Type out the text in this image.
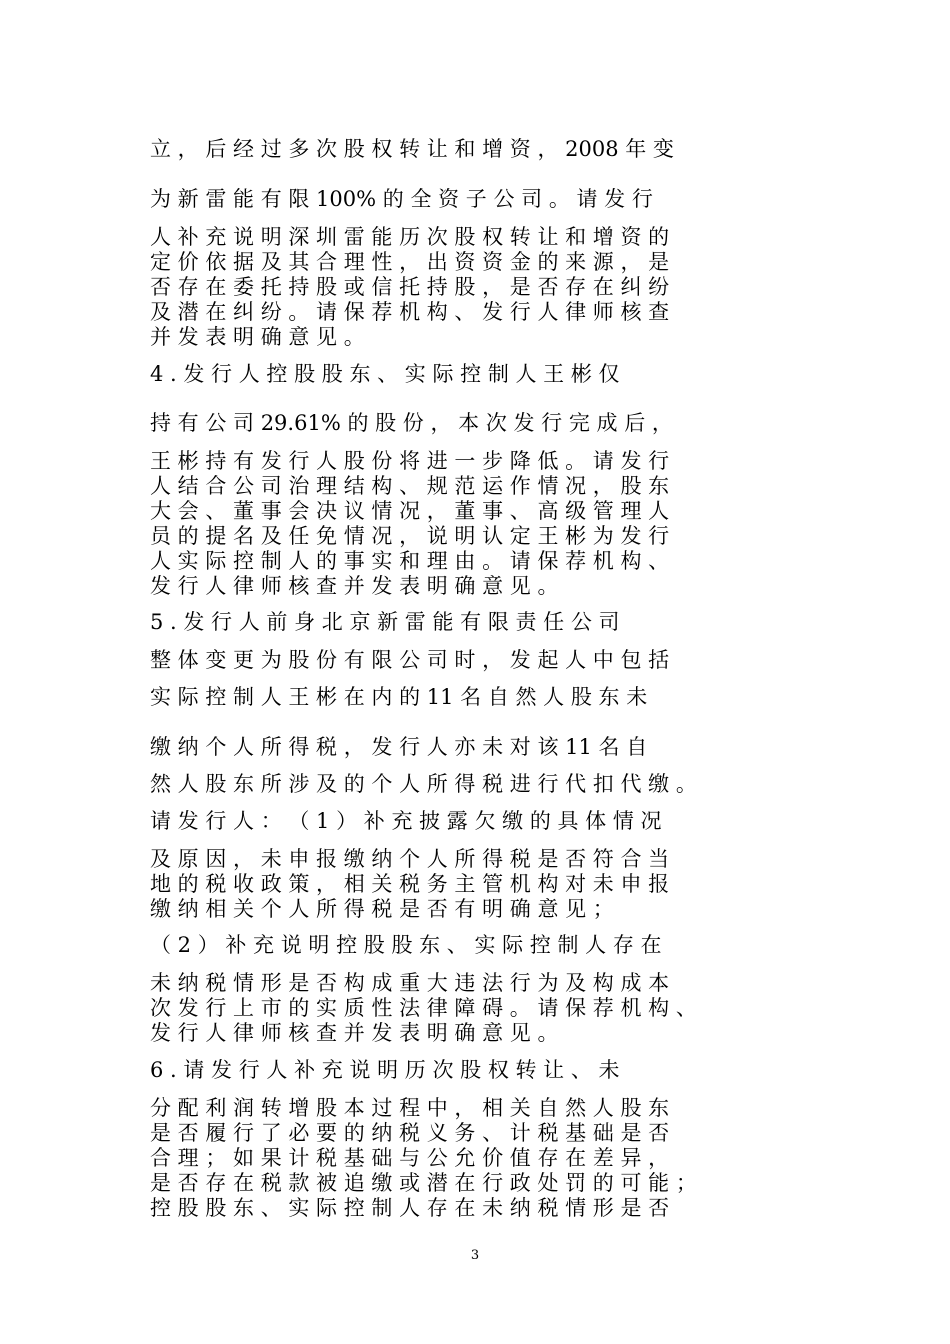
立 ， 后 经 过 多 次 股 权 转 让 和 增 资 ， 2008 年 变
为 新 雷 能 有 限 100% 的 全 资 子 公 司 。 请 发 行
人 补 充 说 明 深 圳 雷 能 历 次 股 权 转 让 和 增 资 的
定 价 依 据 及 其 合 理 性 ， 出 资 资 金 的 来 源 ， 是
否 存 在 委 托 持 股 或 信 托 持 股 ， 是 否 存 在 纠 纷
及 潜 在 纠 纷 。 请 保 荐 机 构 、 发 行 人 律 师 核 查
并 发 表 明 确 意 见 。
4 . 发 行 人 控 股 股 东 、 实 际 控 制 人 王 彬 仅
持 有 公 司 29.61% 的 股 份 ， 本 次 发 行 完 成 后 ，
王 彬 持 有 发 行 人 股 份 将 进 一 步 降 低 。 请 发 行
人 结 合 公 司 治 理 结 构 、 规 范 运 作 情 况 ， 股 东
大 会 、 董 事 会 决 议 情 况 ， 董 事 、 高 级 管 理 人
员 的 提 名 及 任 免 情 况 ， 说 明 认 定 王 彬 为 发 行
人 实 际 控 制 人 的 事 实 和 理 由 。 请 保 荐 机 构 、
发 行 人 律 师 核 查 并 发 表 明 确 意 见 。
5 . 发 行 人 前 身 北 京 新 雷 能 有 限 责 任 公 司
整 体 变 更 为 股 份 有 限 公 司 时 ， 发 起 人 中 包 括
实 际 控 制 人 王 彬 在 内 的 11 名 自 然 人 股 东 未
缴 纳 个 人 所 得 税 ， 发 行 人 亦 未 对 该 11 名 自
然 人 股 东 所 涉 及 的 个 人 所 得 税 进 行 代 扣 代 缴 。
请 发 行 人 ： （ 1 ） 补 充 披 露 欠 缴 的 具 体 情 况
及 原 因 ， 未 申 报 缴 纳 个 人 所 得 税 是 否 符 合 当
地 的 税 收 政 策 ， 相 关 税 务 主 管 机 构 对 未 申 报
缴 纳 相 关 个 人 所 得 税 是 否 有 明 确 意 见 ；
（ 2 ） 补 充 说 明 控 股 股 东 、 实 际 控 制 人 存 在
未 纳 税 情 形 是 否 构 成 重 大 违 法 行 为 及 构 成 本
次 发 行 上 市 的 实 质 性 法 律 障 碍 。 请 保 荐 机 构 、
发 行 人 律 师 核 查 并 发 表 明 确 意 见 。
6 . 请 发 行 人 补 充 说 明 历 次 股 权 转 让 、 未
分 配 利 润 转 增 股 本 过 程 中 ， 相 关 自 然 人 股 东
是 否 履 行 了 必 要 的 纳 税 义 务 、 计 税 基 础 是 否
合 理 ； 如 果 计 税 基 础 与 公 允 价 值 存 在 差 异 ，
是 否 存 在 税 款 被 追 缴 或 潜 在 行 政 处 罚 的 可 能 ；
控 股 股 东 、 实 际 控 制 人 存 在 未 纳 税 情 形 是 否
3
